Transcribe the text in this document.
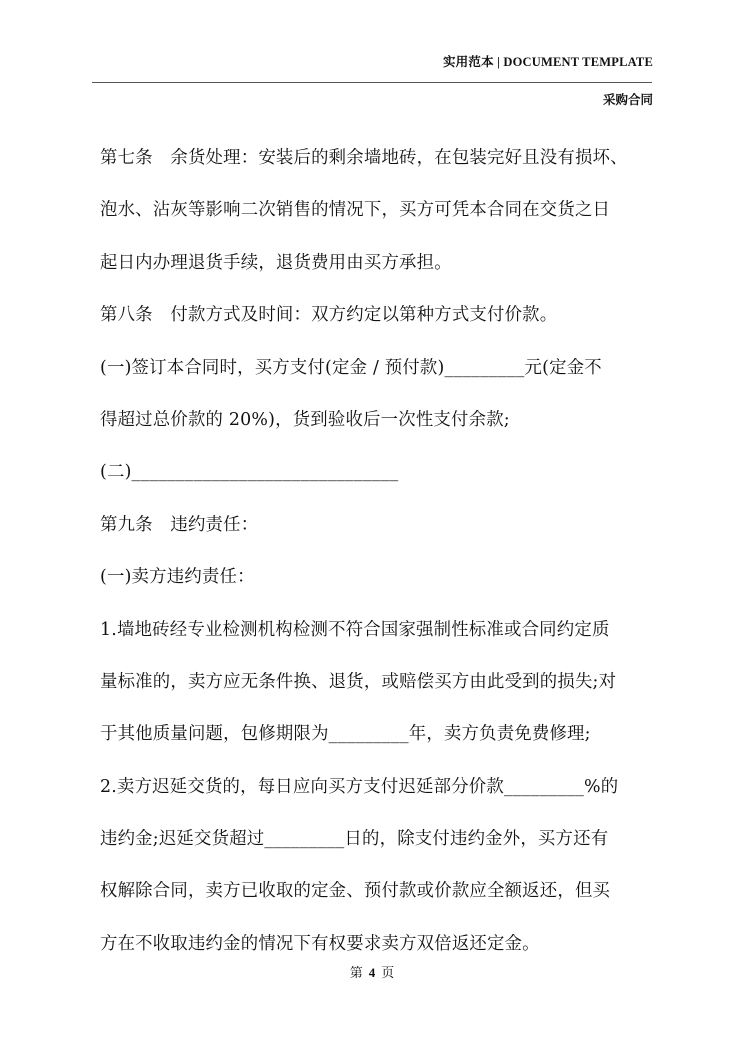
实用范本 | DOCUMENT TEMPLATE
采购合同
第七条　余货处理：安装后的剩余墙地砖，在包装完好且没有损坏、
泡水、沾灰等影响二次销售的情况下，买方可凭本合同在交货之日
起日内办理退货手续，退货费用由买方承担。
第八条　付款方式及时间：双方约定以第种方式支付价款。
(一)签订本合同时，买方支付(定金 / 预付款)_________元(定金不
得超过总价款的 20%)，货到验收后一次性支付余款;
(二)______________________________
第九条　违约责任：
(一)卖方违约责任：
1.墙地砖经专业检测机构检测不符合国家强制性标准或合同约定质
量标准的，卖方应无条件换、退货，或赔偿买方由此受到的损失;对
于其他质量问题，包修期限为_________年，卖方负责免费修理;
2.卖方迟延交货的，每日应向买方支付迟延部分价款_________%的
违约金;迟延交货超过_________日的，除支付违约金外，买方还有
权解除合同，卖方已收取的定金、预付款或价款应全额返还，但买
方在不收取违约金的情况下有权要求卖方双倍返还定金。
第 4 页
